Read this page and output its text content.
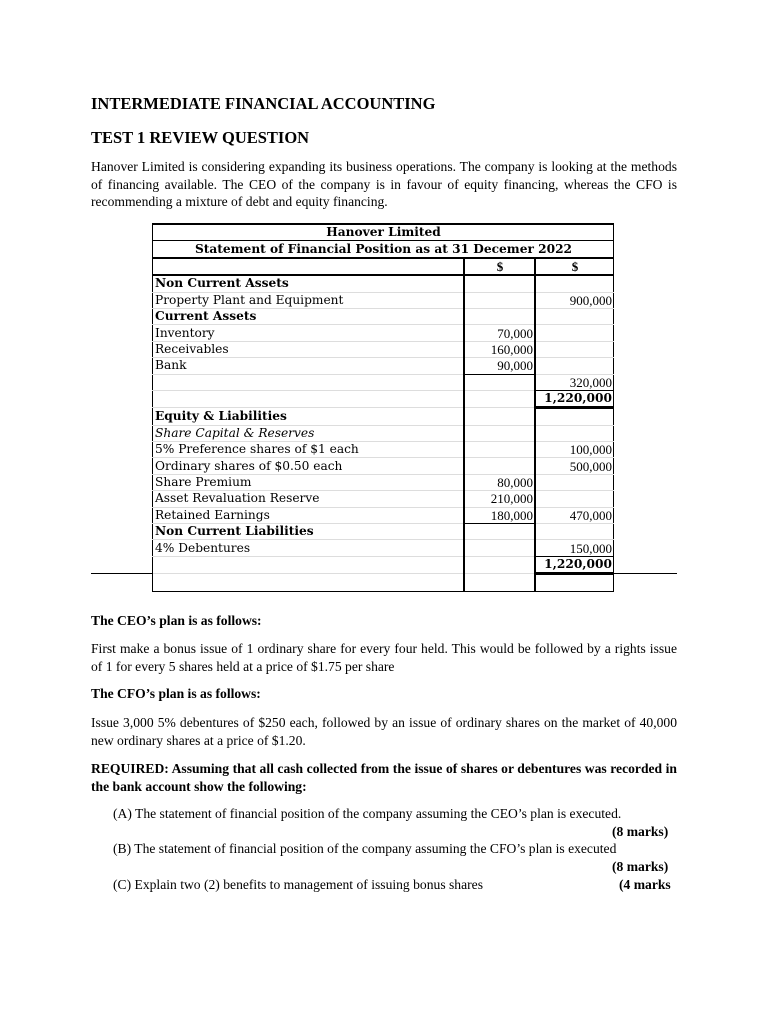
INTERMEDIATE FINANCIAL ACCOUNTING
TEST 1 REVIEW QUESTION
Hanover Limited is considering expanding its business operations. The company is looking at the methods of financing available. The CEO of the company is in favour of equity financing, whereas the CFO is recommending a mixture of debt and equity financing.
Hanover Limited		
Statement of Financial Position as at 31 Decemer 2022		
	$	$
Non Current Assets		
Property Plant and Equipment		900,000
Current Assets		
Inventory	70,000	
Receivables	160,000	
Bank	90,000	
		320,000
		1,220,000
Equity & Liabilities		
Share Capital & Reserves		
5% Preference shares of $1 each		100,000
Ordinary shares of $0.50 each		500,000
Share Premium	80,000	
Asset Revaluation Reserve	210,000	
Retained Earnings	180,000	470,000
Non Current Liabilities		
4% Debentures		150,000
		1,220,000

The CEO’s plan is as follows:
First make a bonus issue of 1 ordinary share for every four held. This would be followed by a rights issue of 1 for every 5 shares held at a price of $1.75 per share
The CFO’s plan is as follows:
Issue 3,000 5% debentures of $250 each, followed by an issue of ordinary shares on the market of 40,000 new ordinary shares at a price of $1.20.
REQUIRED: Assuming that all cash collected from the issue of shares or debentures was recorded in the bank account show the following:
(A) The statement of financial position of the company assuming the CEO’s plan is executed.
(8 marks)
(B) The statement of financial position of the company assuming the CFO’s plan is executed
(8 marks)
(C) Explain two (2) benefits to management of issuing bonus shares	(4 marks
